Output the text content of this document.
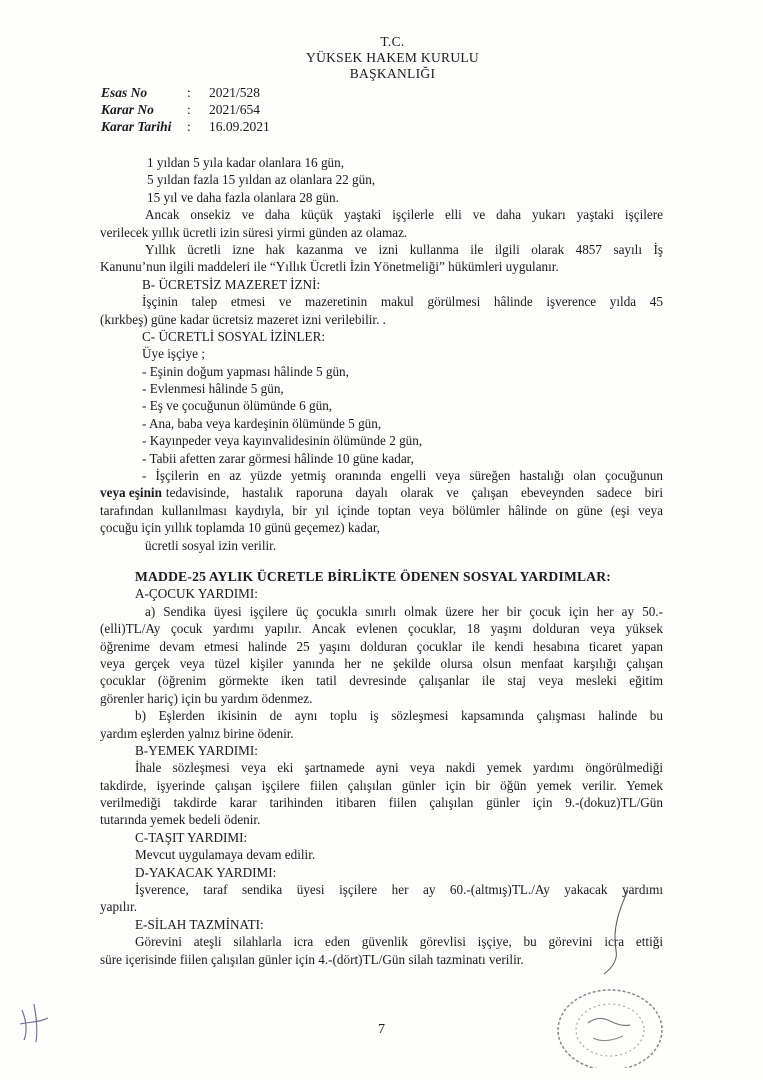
T.C.
YÜKSEK HAKEM KURULU
BAŞKANLIĞI
Esas No	:	2021/528
Karar No	:	2021/654
Karar Tarihi	:	16.09.2021
1 yıldan 5 yıla kadar olanlara 16 gün,
5 yıldan fazla 15 yıldan az olanlara 22 gün,
15 yıl ve daha fazla olanlara 28 gün.
Ancak onsekiz ve daha küçük yaştaki işçilerle elli ve daha yukarı yaştaki işçilere
verilecek yıllık ücretli izin süresi yirmi günden az olamaz.
Yıllık ücretli izne hak kazanma ve izni kullanma ile ilgili olarak 4857 sayılı İş
Kanunu’nun ilgili maddeleri ile “Yıllık Ücretli İzin Yönetmeliği” hükümleri uygulanır.
B- ÜCRETSİZ MAZERET İZNİ:
İşçinin talep etmesi ve mazeretinin makul görülmesi hâlinde işverence yılda 45
(kırkbeş) güne kadar ücretsiz mazeret izni verilebilir. .
C- ÜCRETLİ SOSYAL İZİNLER:
Üye işçiye ;
- Eşinin doğum yapması hâlinde 5 gün,
- Evlenmesi hâlinde 5 gün,
- Eş ve çocuğunun ölümünde 6 gün,
- Ana, baba veya kardeşinin ölümünde 5 gün,
- Kayınpeder veya kayınvalidesinin ölümünde 2 gün,
- Tabii afetten zarar görmesi hâlinde 10 güne kadar,
- İşçilerin en az yüzde yetmiş oranında engelli veya süreğen hastalığı olan çocuğunun
veya eşinin tedavisinde, hastalık raporuna dayalı olarak ve çalışan ebeveynden sadece biri
tarafından kullanılması kaydıyla, bir yıl içinde toptan veya bölümler hâlinde on güne (eşi veya
çocuğu için yıllık toplamda 10 günü geçemez) kadar,
ücretli sosyal izin verilir.
MADDE-25 AYLIK ÜCRETLE BİRLİKTE ÖDENEN SOSYAL YARDIMLAR:
A-ÇOCUK YARDIMI:
a) Sendika üyesi işçilere üç çocukla sınırlı olmak üzere her bir çocuk için her ay 50.-
(elli)TL/Ay çocuk yardımı yapılır. Ancak evlenen çocuklar, 18 yaşını dolduran veya yüksek
öğrenime devam etmesi halinde 25 yaşını dolduran çocuklar ile kendi hesabına ticaret yapan
veya gerçek veya tüzel kişiler yanında her ne şekilde olursa olsun menfaat karşılığı çalışan
çocuklar (öğrenim görmekte iken tatil devresinde çalışanlar ile staj veya mesleki eğitim
görenler hariç) için bu yardım ödenmez.
b) Eşlerden ikisinin de aynı toplu iş sözleşmesi kapsamında çalışması halinde bu
yardım eşlerden yalnız birine ödenir.
B-YEMEK YARDIMI:
İhale sözleşmesi veya eki şartnamede ayni veya nakdi yemek yardımı öngörülmediği
takdirde, işyerinde çalışan işçilere fiilen çalışılan günler için bir öğün yemek verilir. Yemek
verilmediği takdirde karar tarihinden itibaren fiilen çalışılan günler için 9.-(dokuz)TL/Gün
tutarında yemek bedeli ödenir.
C-TAŞIT YARDIMI:
Mevcut uygulamaya devam edilir.
D-YAKACAK YARDIMI:
İşverence, taraf sendika üyesi işçilere her ay 60.-(altmış)TL./Ay yakacak yardımı
yapılır.
E-SİLAH TAZMİNATI:
Görevini ateşli silahlarla icra eden güvenlik görevlisi işçiye, bu görevini icra ettiği
süre içerisinde fiilen çalışılan günler için 4.-(dört)TL/Gün silah tazminatı verilir.
7
